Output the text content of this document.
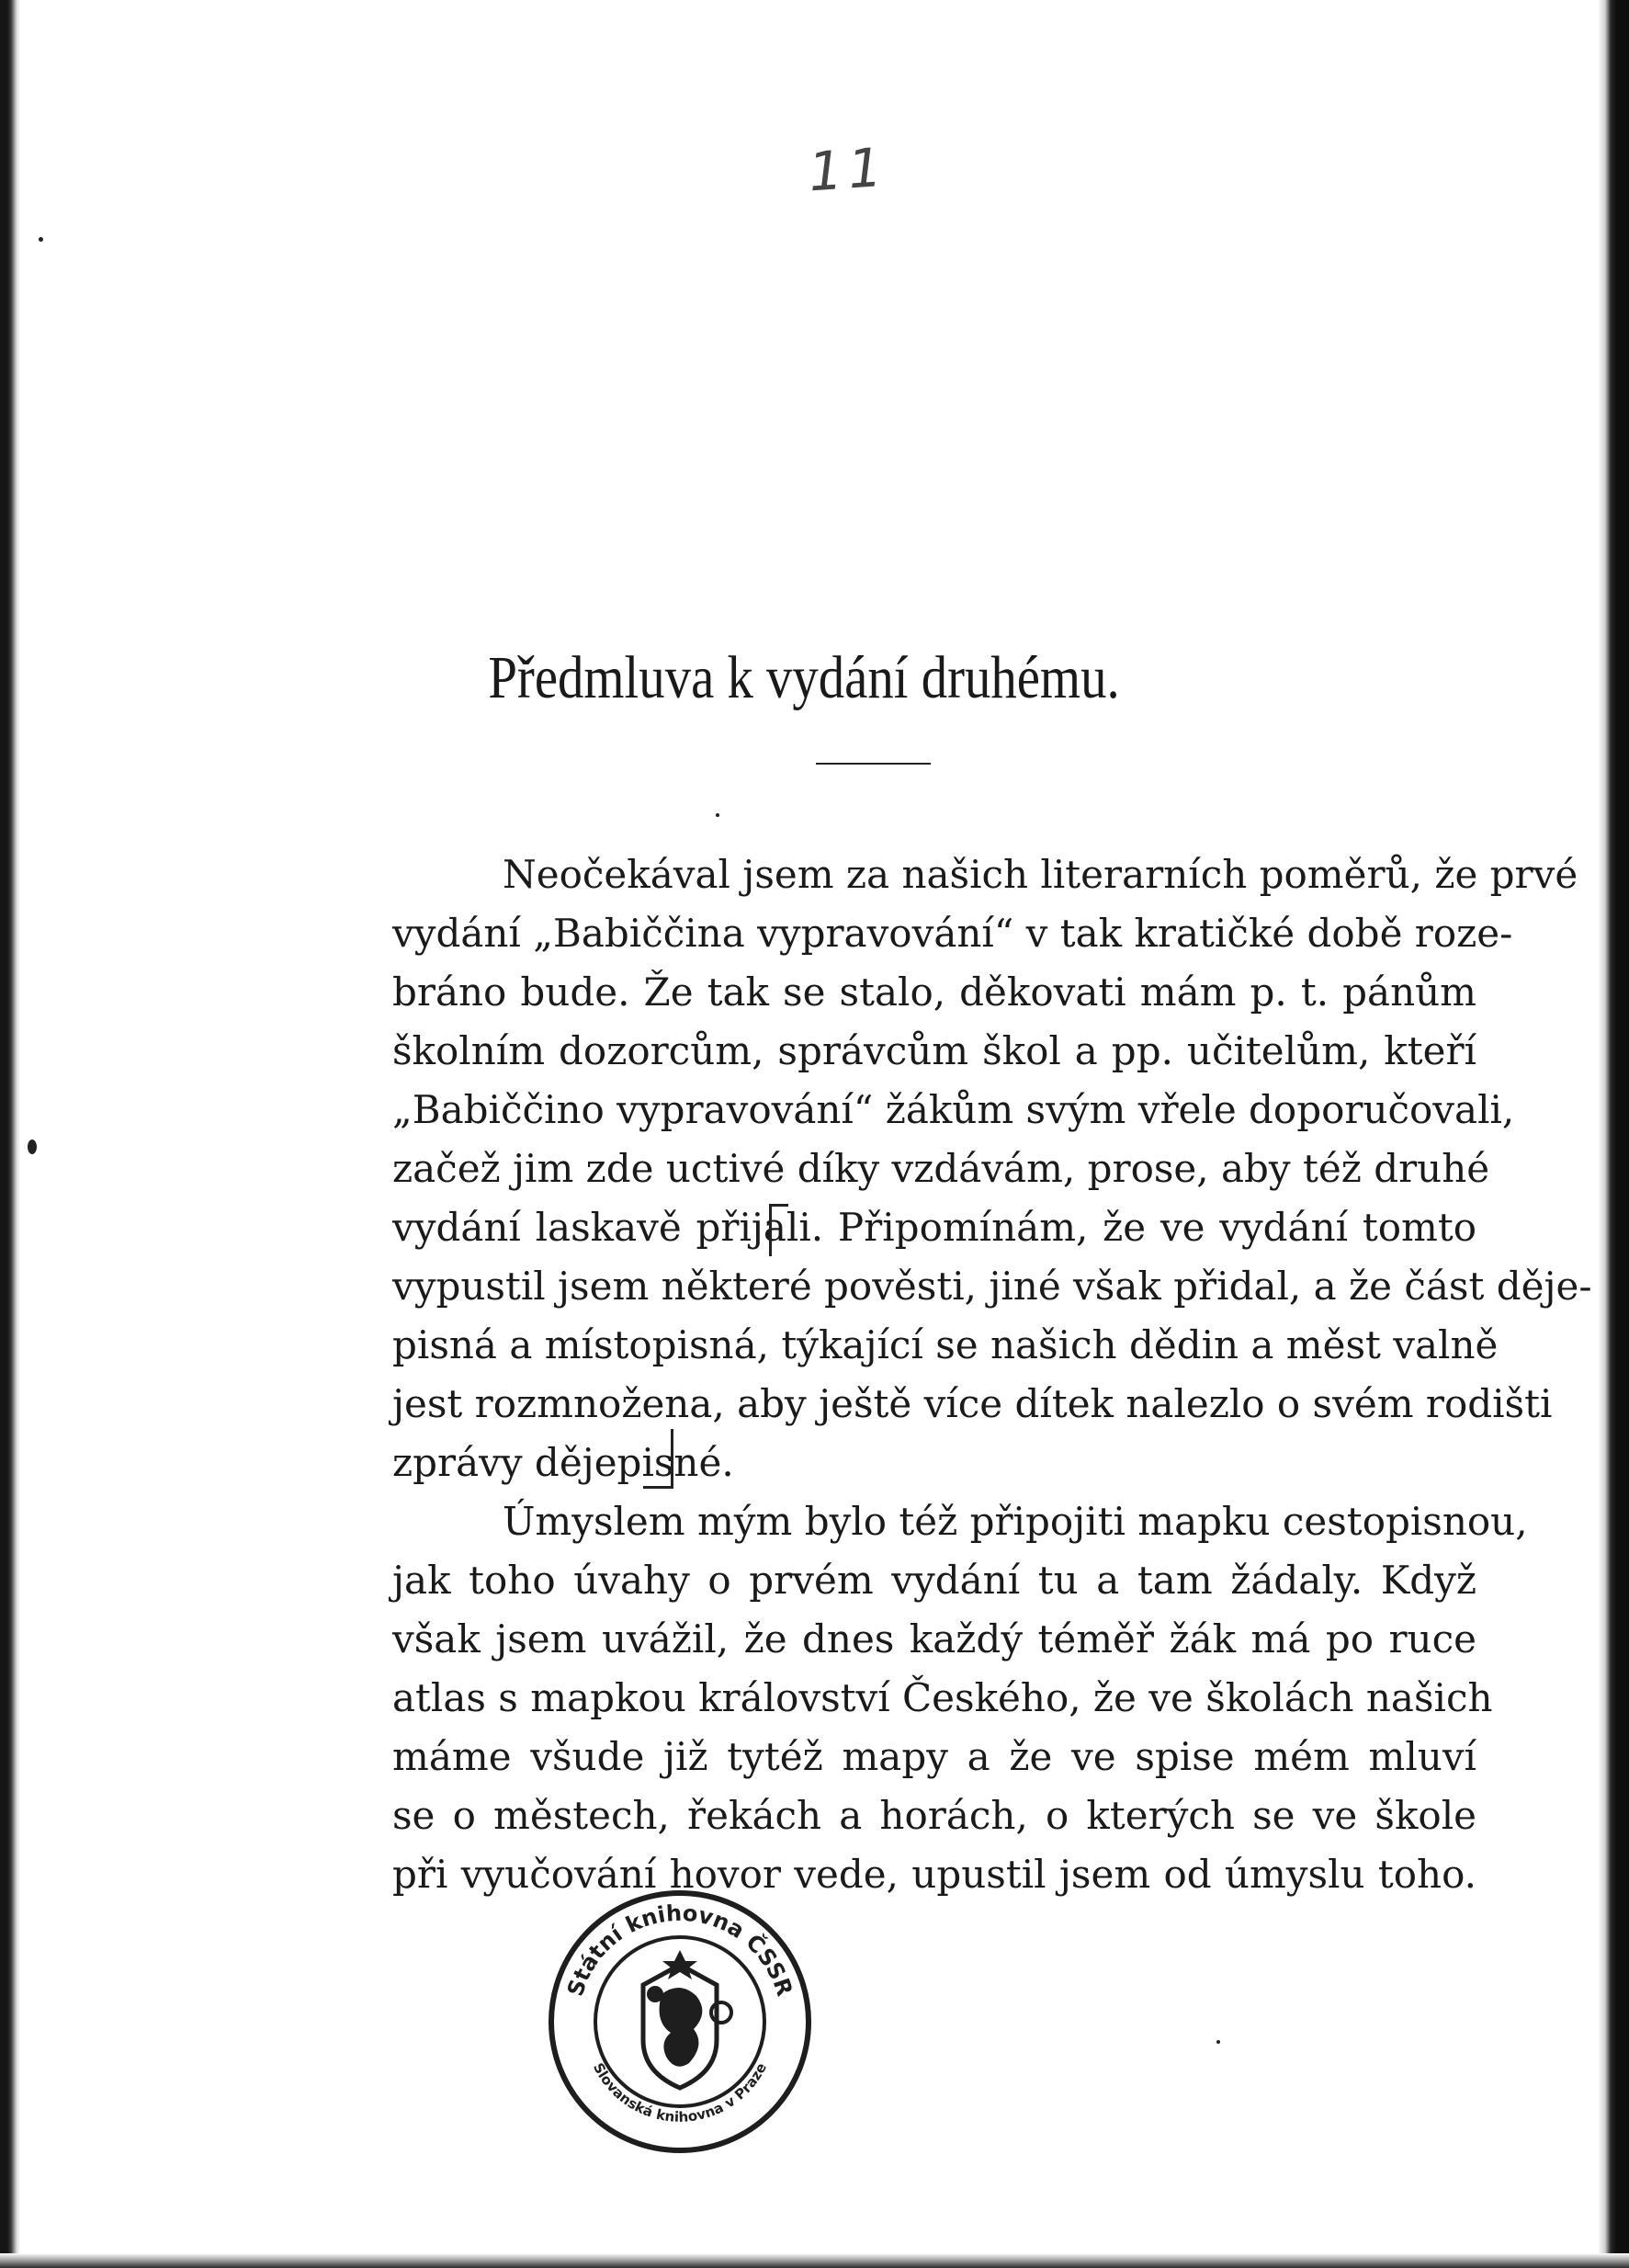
11
Předmluva k vydání druhému.
Neočekával jsem za našich literarních poměrů, že prvé
vydání „Babiččina vypravování“ v tak kratičké době roze-
bráno bude. Že tak se stalo, děkovati mám p. t. pánům
školním dozorcům, správcům škol a pp. učitelům, kteří
„Babiččino vypravování“ žákům svým vřele doporučovali,
začež jim zde uctivé díky vzdávám, prose, aby též druhé
vydání laskavě přijali. Připomínám, že ve vydání tomto
vypustil jsem některé pověsti, jiné však přidal, a že část děje-
pisná a místopisná, týkající se našich dědin a měst valně
jest rozmnožena, aby ještě více dítek nalezlo o svém rodišti
zprávy dějepisné.
Úmyslem mým bylo též připojiti mapku cestopisnou,
jak toho úvahy o prvém vydání tu a tam žádaly. Když
však jsem uvážil, že dnes každý téměř žák má po ruce
atlas s mapkou království Českého, že ve školách našich
máme všude již tytéž mapy a že ve spise mém mluví
se o městech, řekách a horách, o kterých se ve škole
při vyučování hovor vede, upustil jsem od úmyslu toho.
Státní knihovna ČSSR
Slovanská knihovna v Praze
